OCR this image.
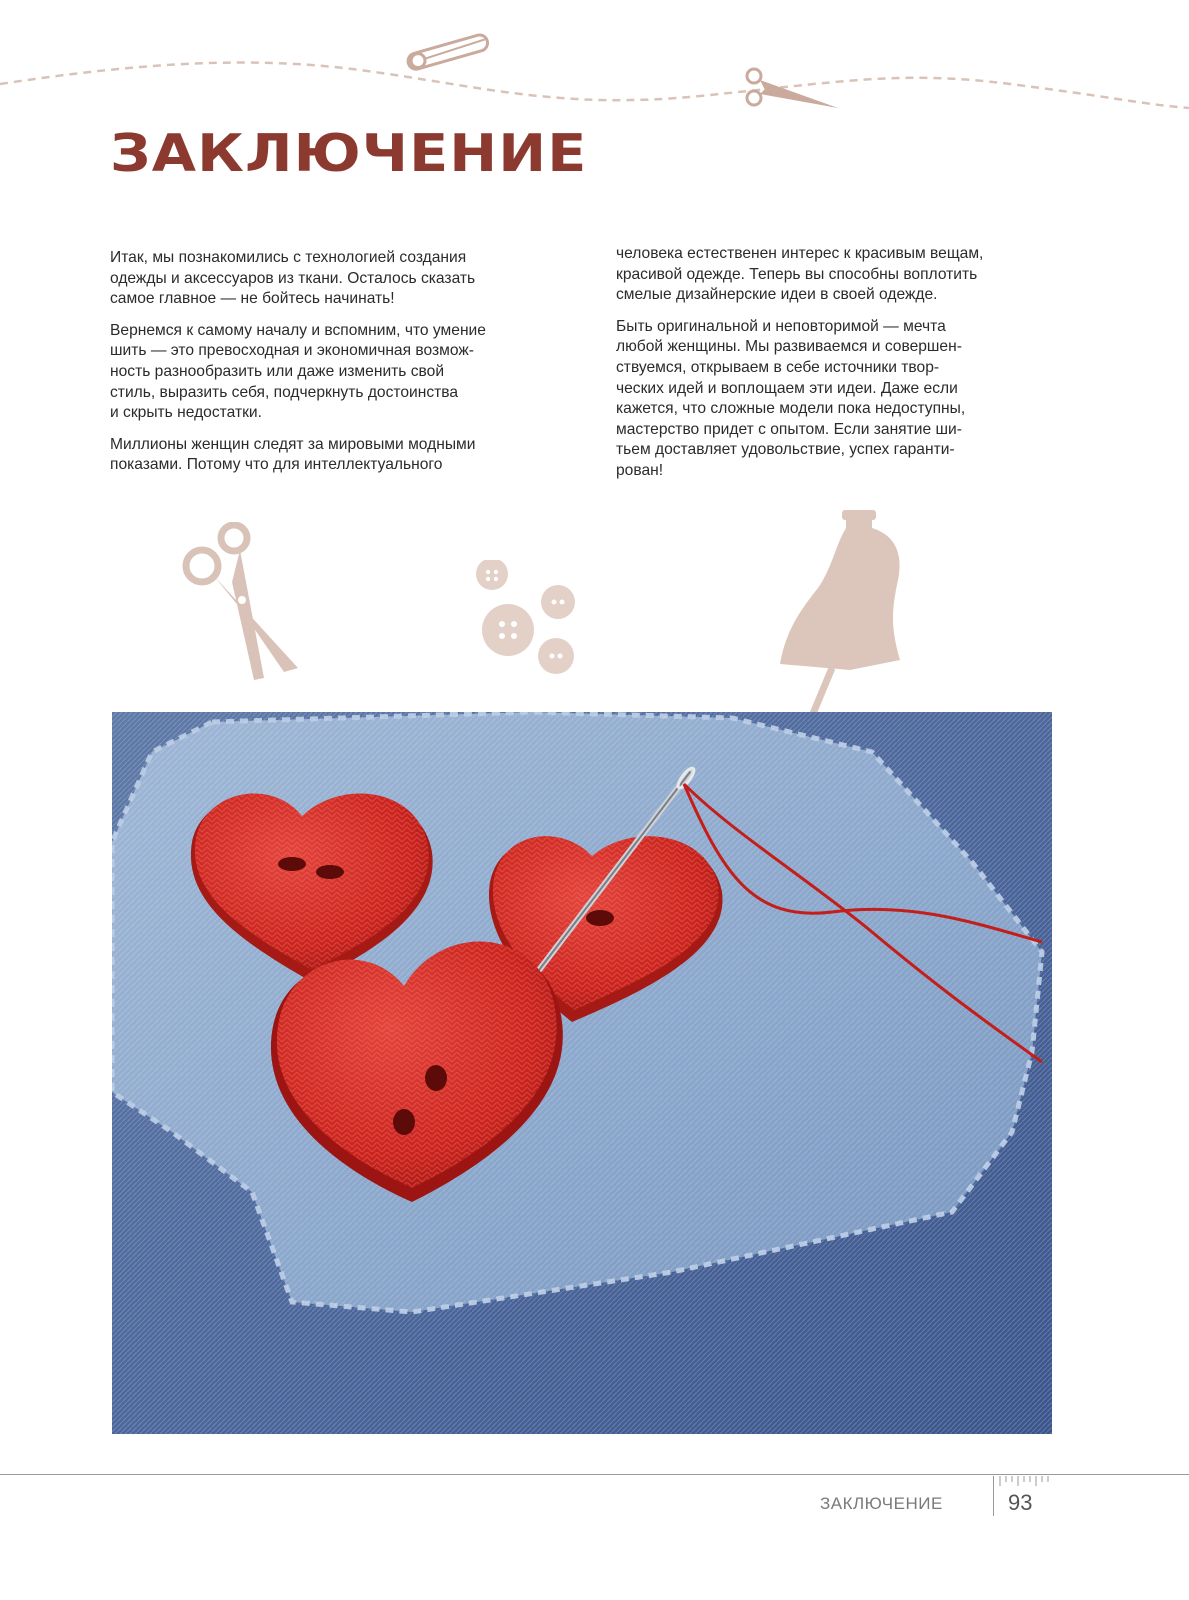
ЗАКЛЮЧЕНИЕ

Итак, мы познакомились с технологией создания
одежды и аксессуаров из ткани. Осталось сказать
самое главное — не бойтесь начинать!

Вернемся к самому началу и вспомним, что умение
шить — это превосходная и экономичная возмож-
ность разнообразить или даже изменить свой
стиль, выразить себя, подчеркнуть достоинства
и скрыть недостатки.

Миллионы женщин следят за мировыми модными
показами. Потому что для интеллектуального

человека естественен интерес к красивым вещам,
красивой одежде. Теперь вы способны воплотить
смелые дизайнерские идеи в своей одежде.

Быть оригинальной и неповторимой — мечта
любой женщины. Мы развиваемся и совершен-
ствуемся, открываем в себе источники твор-
ческих идей и воплощаем эти идеи. Даже если
кажется, что сложные модели пока недоступны,
мастерство придет с опытом. Если занятие ши-
тьем доставляет удовольствие, успех гаранти-
рован!

ЗАКЛЮЧЕНИЕ	93
